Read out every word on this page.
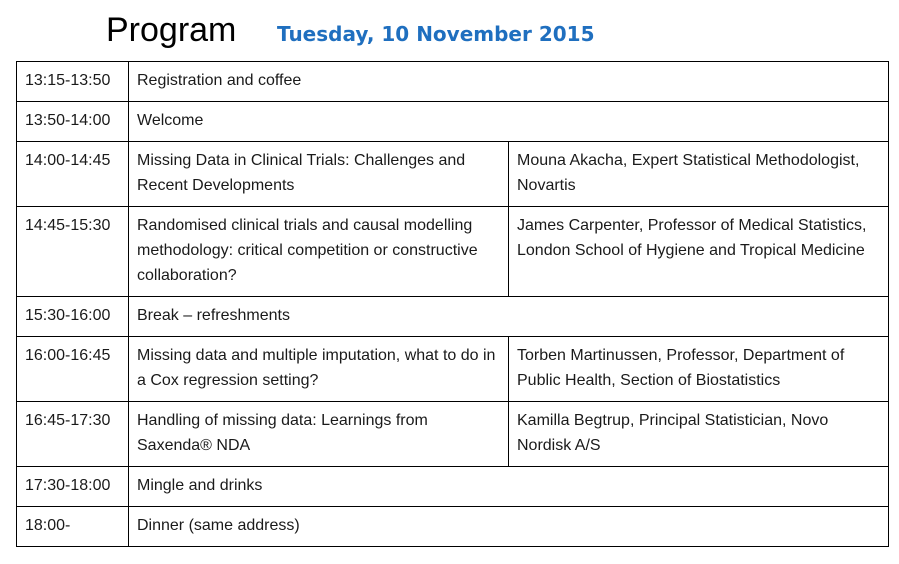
Program Tuesday, 10 November 2015
13:15-13:50	Registration and coffee	
13:50-14:00	Welcome	
14:00-14:45	Missing Data in Clinical Trials: Challenges and Recent Developments	Mouna Akacha, Expert Statistical Methodologist, Novartis
14:45-15:30	Randomised clinical trials and causal modelling methodology: critical competition or constructive collaboration?	James Carpenter, Professor of Medical Statistics, London School of Hygiene and Tropical Medicine
15:30-16:00	Break – refreshments	
16:00-16:45	Missing data and multiple imputation, what to do in a Cox regression setting?	Torben Martinussen, Professor, Department of Public Health, Section of Biostatistics
16:45-17:30	Handling of missing data: Learnings from Saxenda® NDA	Kamilla Begtrup, Principal Statistician, Novo Nordisk A/S
17:30-18:00	Mingle and drinks	
18:00-	Dinner (same address)	
